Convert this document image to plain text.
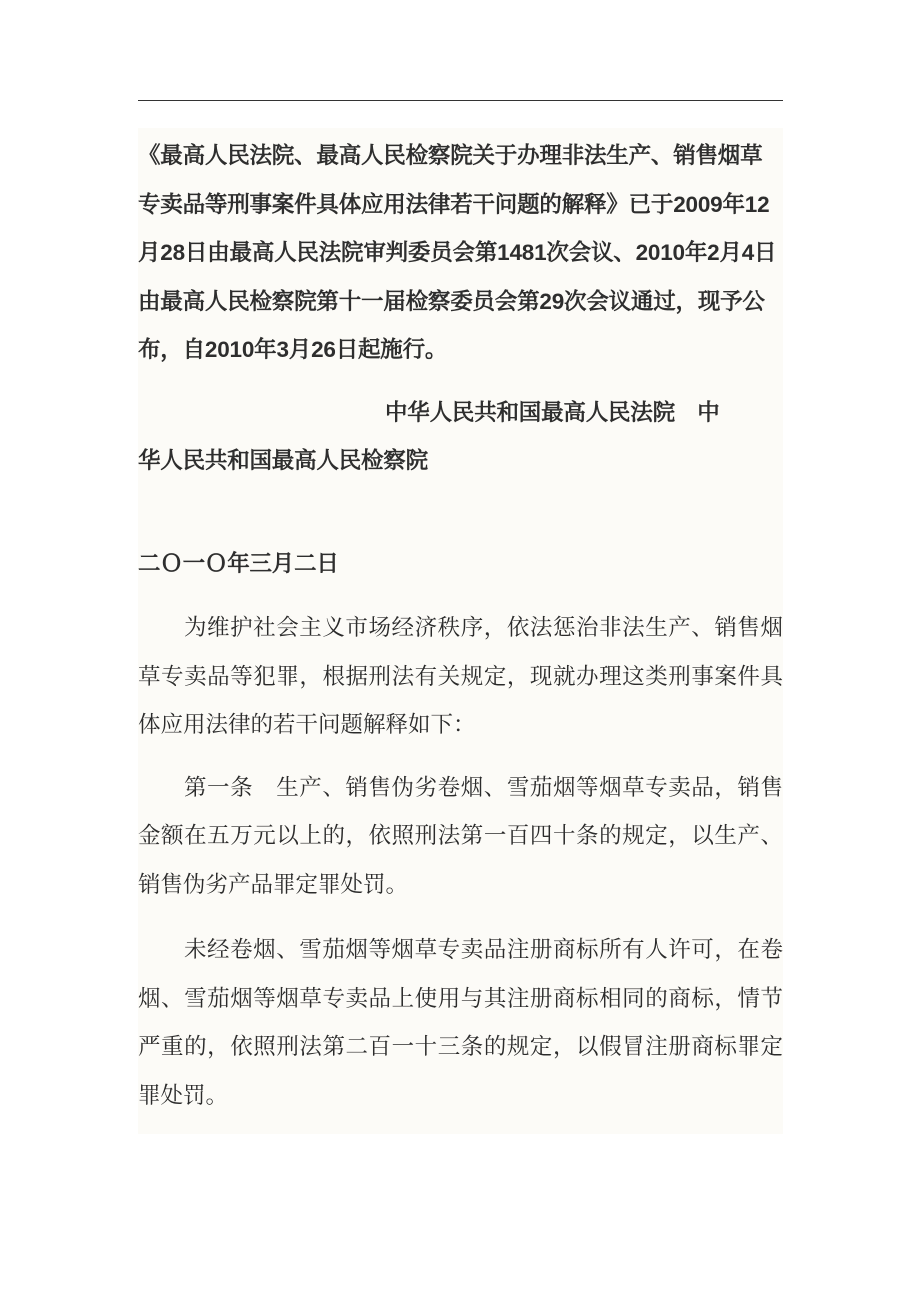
《最高人民法院、最高人民检察院关于办理非法生产、销售烟草专卖品等刑事案件具体应用法律若干问题的解释》已于2009年12月28日由最高人民法院审判委员会第1481次会议、2010年2月4日由最高人民检察院第十一届检察委员会第29次会议通过，现予公布，自2010年3月26日起施行。

中华人民共和国最高人民法院　中

华人民共和国最高人民检察院

二Ｏ一Ｏ年三月二日

为维护社会主义市场经济秩序，依法惩治非法生产、销售烟草专卖品等犯罪，根据刑法有关规定，现就办理这类刑事案件具体应用法律的若干问题解释如下：

第一条　生产、销售伪劣卷烟、雪茄烟等烟草专卖品，销售金额在五万元以上的，依照刑法第一百四十条的规定，以生产、销售伪劣产品罪定罪处罚。

未经卷烟、雪茄烟等烟草专卖品注册商标所有人许可，在卷烟、雪茄烟等烟草专卖品上使用与其注册商标相同的商标，情节严重的，依照刑法第二百一十三条的规定，以假冒注册商标罪定罪处罚。
